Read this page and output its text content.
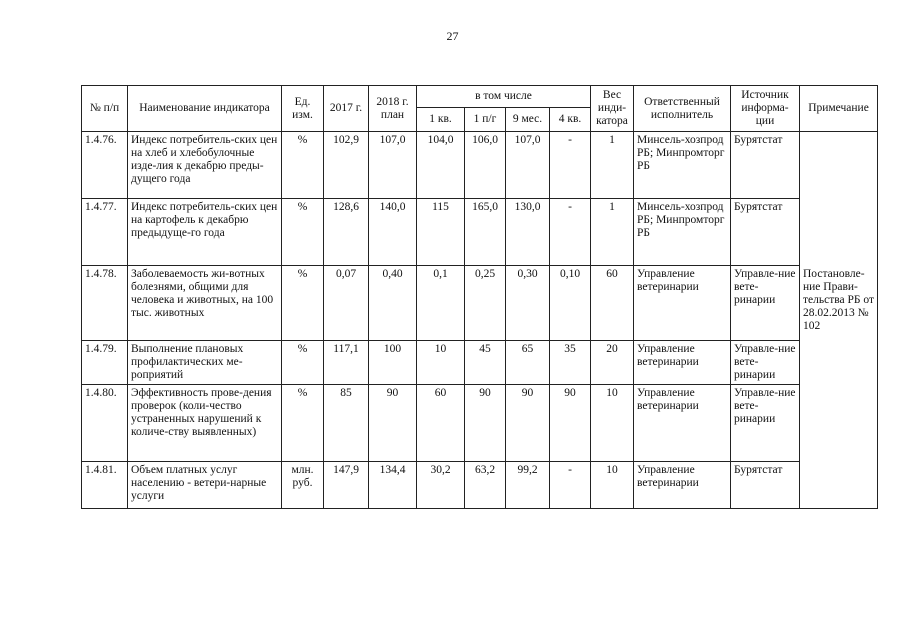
27
№ п/п	Наименование индикатора	Ед. изм.	2017 г.	2018 г. план	в том числе				Вес инди-катора	Ответственный исполнитель	Источник информа-ции	Примечание
					1 кв.	1 п/г	9 мес.	4 кв.				
1.4.76.	Индекс потребитель-ских цен на хлеб и хлебобулочные изде-лия к декабрю преды-дущего года	%	102,9	107,0	104,0	106,0	107,0	-	1	Минсель-хозпрод РБ; Минпромторг РБ	Бурятстат	
1.4.77.	Индекс потребитель-ских цен на картофель к декабрю предыдуще-го года	%	128,6	140,0	115	165,0	130,0	-	1	Минсель-хозпрод РБ; Минпромторг РБ	Бурятстат	
1.4.78.	Заболеваемость жи-вотных болезнями, общими для человека и животных, на 100 тыс. животных	%	0,07	0,40	0,1	0,25	0,30	0,10	60	Управление ветеринарии	Управле-ние вете-ринарии	Постановле-ние Прави-тельства РБ от 28.02.2013 № 102
1.4.79.	Выполнение плановых профилактических ме-роприятий	%	117,1	100	10	45	65	35	20	Управление ветеринарии	Управле-ние вете-ринарии	
1.4.80.	Эффективность прове-дения проверок (коли-чество устраненных нарушений к количе-ству выявленных)	%	85	90	60	90	90	90	10	Управление ветеринарии	Управле-ние вете-ринарии	
1.4.81.	Объем платных услуг населению - ветери-нарные услуги	млн. руб.	147,9	134,4	30,2	63,2	99,2	-	10	Управление ветеринарии	Бурятстат	
